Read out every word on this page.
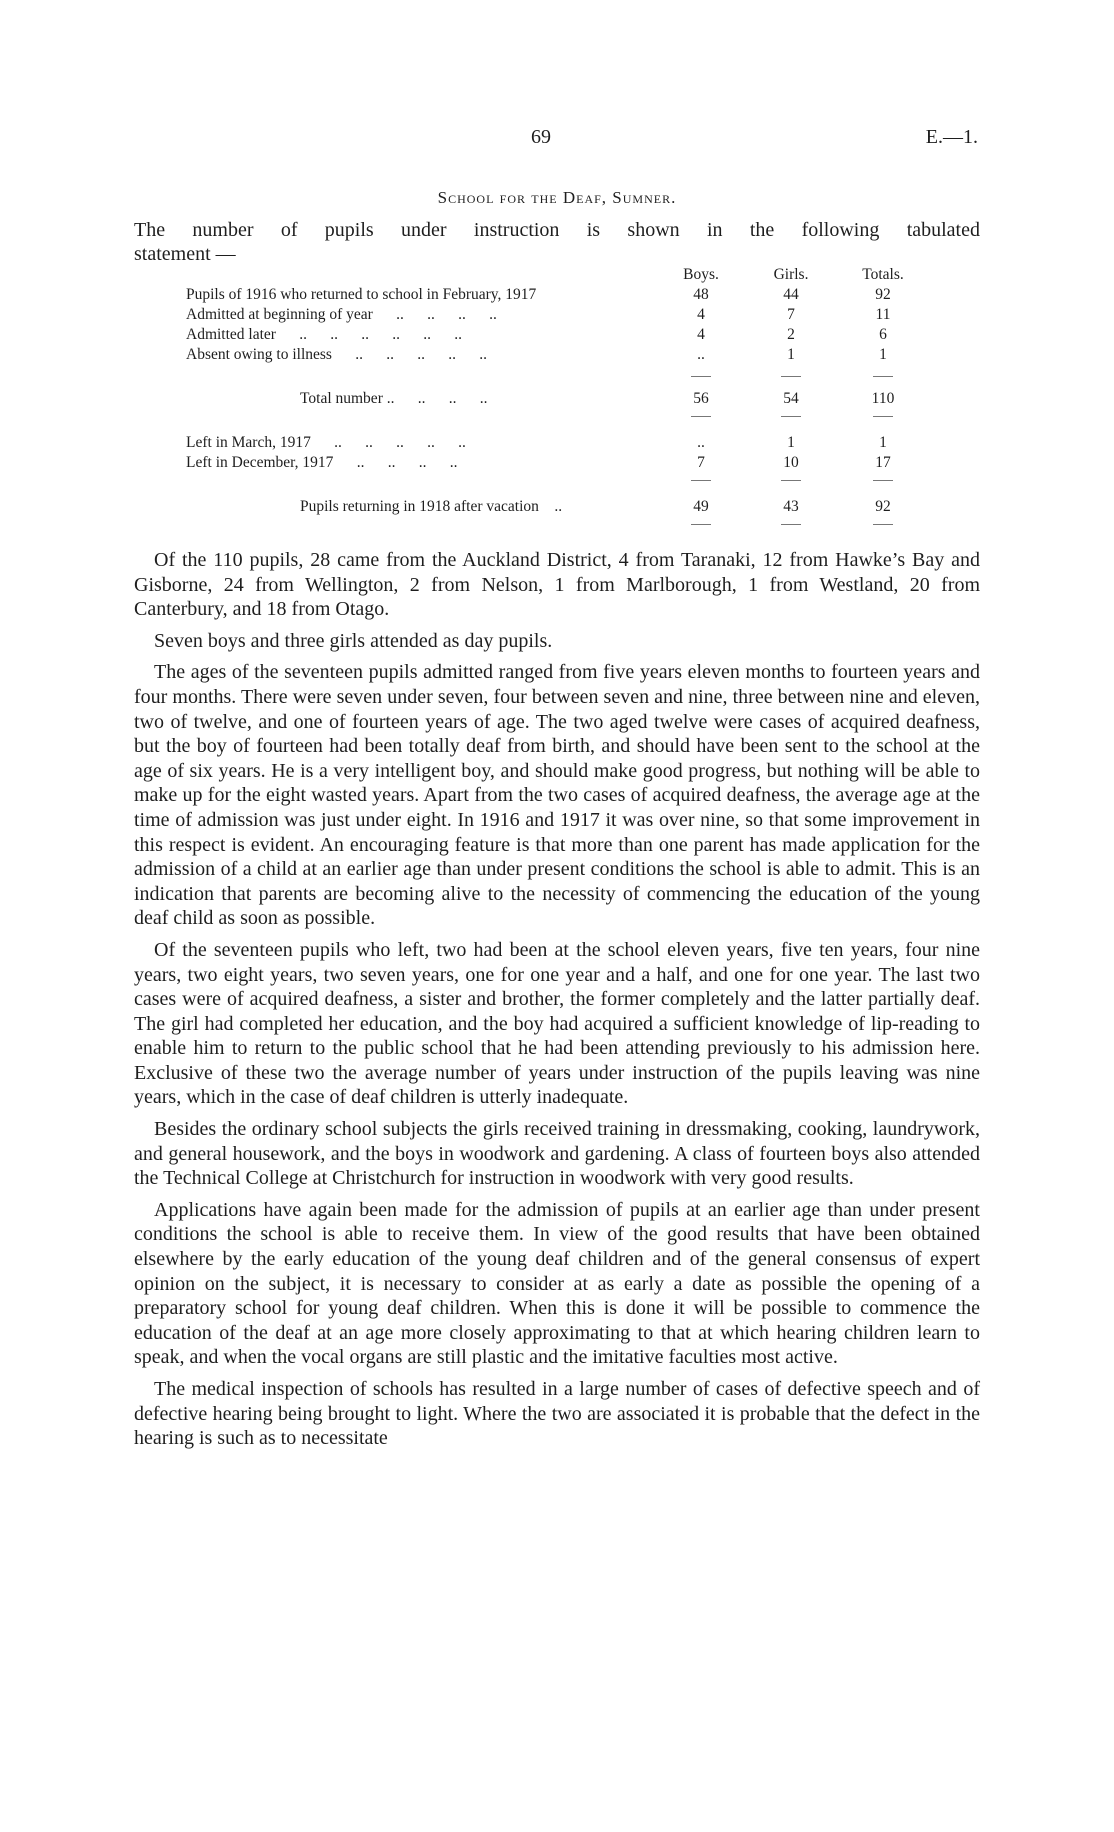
69	E.—1.
School for the Deaf, Sumner.
The number of pupils under instruction is shown in the following tabulated
statement —
Boys.	Girls.	Totals.
Pupils of 1916 who returned to school in February, 1917	48	44	92
Admitted at beginning of year ..      ..      ..      ..	4	7	11
Admitted later ..      ..      ..      ..      ..      ..	4	2	6
Absent owing to illness ..      ..      ..      ..      ..	..	1	1
Total number .. ..      ..      ..	56	54	110
Left in March, 1917 ..      ..      ..      ..      ..	..	1	1
Left in December, 1917 ..      ..      ..      ..	7	10	17
Pupils returning in 1918 after vacation ..	49	43	92

Of the 110 pupils, 28 came from the Auckland District, 4 from Taranaki, 12 from Hawke’s Bay and Gisborne, 24 from Wellington, 2 from Nelson, 1 from Marlborough, 1 from Westland, 20 from Canterbury, and 18 from Otago.

Seven boys and three girls attended as day pupils.

The ages of the seventeen pupils admitted ranged from five years eleven months to fourteen years and four months. There were seven under seven, four between seven and nine, three between nine and eleven, two of twelve, and one of fourteen years of age. The two aged twelve were cases of acquired deafness, but the boy of fourteen had been totally deaf from birth, and should have been sent to the school at the age of six years. He is a very intelligent boy, and should make good progress, but nothing will be able to make up for the eight wasted years. Apart from the two cases of acquired deafness, the average age at the time of admission was just under eight. In 1916 and 1917 it was over nine, so that some improvement in this respect is evident. An encouraging feature is that more than one parent has made application for the admission of a child at an earlier age than under present conditions the school is able to admit. This is an indication that parents are becoming alive to the necessity of commencing the education of the young deaf child as soon as possible.

Of the seventeen pupils who left, two had been at the school eleven years, five ten years, four nine years, two eight years, two seven years, one for one year and a half, and one for one year. The last two cases were of acquired deafness, a sister and brother, the former completely and the latter partially deaf. The girl had completed her education, and the boy had acquired a sufficient knowledge of lip-reading to enable him to return to the public school that he had been attending previously to his admission here. Exclusive of these two the average number of years under instruction of the pupils leaving was nine years, which in the case of deaf children is utterly inadequate.

Besides the ordinary school subjects the girls received training in dressmaking, cooking, laundrywork, and general housework, and the boys in woodwork and gardening. A class of fourteen boys also attended the Technical College at Christchurch for instruction in woodwork with very good results.

Applications have again been made for the admission of pupils at an earlier age than under present conditions the school is able to receive them. In view of the good results that have been obtained elsewhere by the early education of the young deaf children and of the general consensus of expert opinion on the subject, it is necessary to consider at as early a date as possible the opening of a preparatory school for young deaf children. When this is done it will be possible to commence the education of the deaf at an age more closely approximating to that at which hearing children learn to speak, and when the vocal organs are still plastic and the imitative faculties most active.

The medical inspection of schools has resulted in a large number of cases of defective speech and of defective hearing being brought to light. Where the two are associated it is probable that the defect in the hearing is such as to necessitate
